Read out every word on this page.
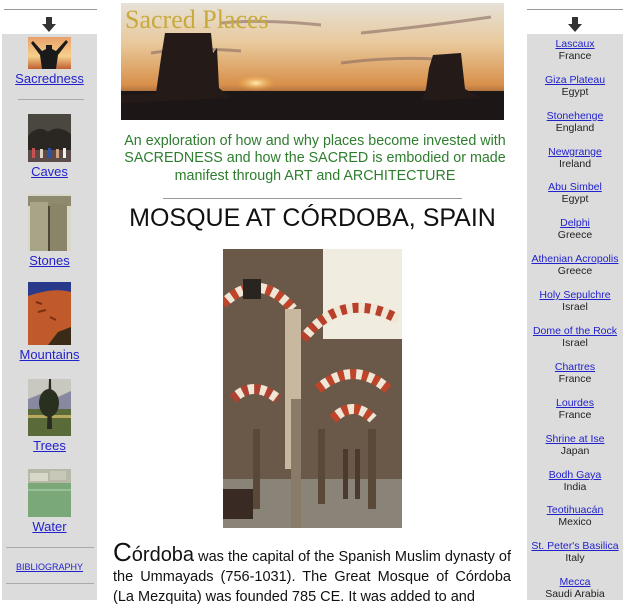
Sacredness
Caves
Stones
Mountains
Trees
Water
BIBLIOGRAPHY
Sacred Places
An exploration of how and why places become invested with SACREDNESS and how the SACRED is embodied or made manifest through ART and ARCHITECTURE
MOSQUE AT CÓRDOBA, SPAIN
Córdoba was the capital of the Spanish Muslim dynasty of the Ummayads (756-1031). The Great Mosque of Córdoba (La Mezquita) was founded 785 CE. It was added to and
Lascaux
France
Giza Plateau
Egypt
Stonehenge
England
Newgrange
Ireland
Abu Simbel
Egypt
Delphi
Greece
Athenian Acropolis
Greece
Holy Sepulchre
Israel
Dome of the Rock
Israel
Chartres
France
Lourdes
France
Shrine at Ise
Japan
Bodh Gaya
India
Teotihuacán
Mexico
St. Peter's Basilica
Italy
Mecca
Saudi Arabia
